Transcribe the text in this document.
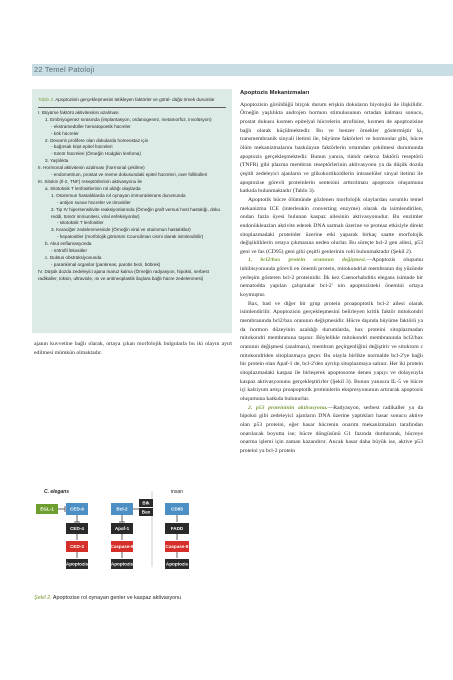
22 Temel Patoloji
Tablo 3. Apoptozisin gerçekleşmesini tetikleyen faktörler ve görül- düğü örnek durumlar
I. Büyüme faktörü aktivitesinin azalması
1. Embriyogenez sırasında (implantasyon, ordanogenez, metamorfoz, involüsyon)
- ekstramedüller hematopoetik hücreler
- kök hücreler
2. Devamlı prolifere olan dokularda homeostaz için
- bağırsak kript epitel hücreleri
- tümör hücreleri (Örneğin Hodgkin lenfoma)
3. Yaşlılıkta
II. Hormonal aktivitenin azalması (hormonal çekilme)
- endometrium, prostat ve meme dokusundaki epitel hücreleri, over follikülleri
III. Sitokin (Il-2, TNF) reseptörlerinin aktivasyonu ile
a. Sitotoksik T lenfositlerinin rol aldığı olaylarda
1. Otoimmun hastalıklarda rol oynayan immuntolerans durumunda
- antijen sunan hücreler ve timositler
2. Tip IV hipersensitivite reaksiyonlarında (Örneğin graft versus host hastalığı, doku reddi, tümör immunitesi, viral enfeksiyonlar)
- sitotoksik T lenfositler
3. Karaciğer zedelenmesinde (Örneğin viral ve otoimmun hastalıklar)
- hepatositler (morfolojik görünüm Councilman cismi olarak isimlendirilir)
b. Akut enflamasyonda
- nötrofil lökositler
c. Duktus obstrüksiyonunda
- parankimal organlar (pankreas, parotis bezi, böbrek)
IV. Düşük dozda zedeleyici ajana maruz kalma (Örneğin radyasyon, hipoksi, serbest radikaller, toksin, ultraviole, ısı ve antineoplastik ilaçlara bağlı hücre zedelenmesi)
ajanın kuvvetine bağlı olarak, ortaya çıkan morfolojik bulgularla bu iki olayın ayırt edilmesi mümkün olmaktadır.
C. elegans	insan
EGL-1	CED-9
CED-4
CED-3
Apoptozis
Bik
Bax
Bcl-2
Apaf-1
Caspase-9
Apoptozis
CD95
FADD
Caspase-8
Apoptozis
Şekil 2. Apoptozise rol oynayan genler ve kaspaz aktivasyonu
Apoptozis Mekanizmaları

Apoptozisin görüldüğü birçok durum erişkin dokuların biyolojisi ile ilişkilidir. Örneğin yaşlılıkta androjen hormon stimulusunun ortadan kalması sonucu, prostat dokusu kısmen epitelyal hücrelerin atrofisine, kısmen de apoptozisine bağlı olarak küçülmektedir. Bu ve benzer örnekler göstermiştir ki, transmembranik sinyali iletimi ile, büyüme faktörleri ve hormonlar gibi, hücre ölüm mekanizmalarını baskılayan faktörlerin ortamdan çekilmesi durumunda apoptozis gerçekleşmektedir. Bunun yanıra, tümör nekroz faktörü reseptörü (TNFR) gibi plazma membran reseptörlerinin aktivasyonu ya da düşük dozda çeşitli zedeleyici ajanların ve glikokortikoidlerin intraselüler sinyal iletimi ile apoptozise görevli proteinlerin sentezini arttırılması apoptozis oluşumuna katkıda bulunmaktadır (Tablo 3).

Apoptotik hücre ölümünde gözlenen morfolojik olaylardan sorumlu temel mekanizma ICE (interleukin converting enzyme) olarak da isimlendirilen, ondan fazla üyesi bulunan kaspaz ailesinin aktivasyonudur. Bu enzimler endonükleazları aktivite ederek DNA sarmalı üzerine ve proteaz etkisiyle direkt sitoplazmadaki proteinler üzerine etki yaparak birkaç saatte morfolojik değişikliklerin ortaya çıkmasına neden olurlar. Bu süreçte bcl-2 gen ailesi, p53 geni ve fas (CD95) geni gibi çeşitli genlerinin rolü bulunmaktadır (Şekil 2).

1. bcl2/bax protein oranının değişmesi.—Apoptozis oluşumu inhibisyonunda görevli en önemli protein, mitokondrial membranın dış yüzünde yerleşim gösteren bcl-2 proteinidir. İlk kez Caenorhabditis elegans isimnde bir nematodda yapılan çalışmalar bcl-2' nin apoptozisteki önemini ortaya koymuştur.

Bax, bad ve diğer bir grup protein proapoptotik bcl-2 ailesi olarak isimlendirilir. Apoptozisin gerçekleşmesini belirleyen kritik faktör mitokondri membranında bcl2/bax oranının değişmesidir. Hücre dışında büyüme faktörü ya da hormon düzeyinin azaldığı durumlarda, bax proteini sitoplazmadan mitokondri membranına taşınır. Böylelikle mitokondri membranında bcl2/bax oranının değişmesi (azalması), membran geçirgenliğini değiştirir ve sitokrom c mitokondriden sitoplazmaya geçer. Bu olayla birlikte normalde bcl-2'ye bağlı bir protein olan Apaf-1 de, bcl-2'den ayrılıp sitoplazmaya salınır. Her iki protein sitoplazmadaki kaspaz ile birleşerek apoptosome denen yapıyı ve dolayısıyla kaspaz aktivasyonunu gerçekleştirirler (Şekil 3). Bunun yanısıra IL-5 ve hücre içi kalsiyum artışı proapoptotik proteinlerin ekspresyonunun artırarak apoptozis oluşumuna katkıda bulunurlar.

2. p53 proteininin aktivasyonu.—Radyasyon, serbest radikaller ya da hipoksi gibi zedeleyici ajanların DNA üzerine yaptıkları hasar sonucu aktive olan p53 proteini, eğer hasar hücrenin onarım mekanizmaları tarafından onarılacak boyutta ise; hücre döngüsünü G1 fazında durdurarak, hücreye onarma işlemi için zaman kazandırır. Ancak hasar daha büyük ise, aktive p53 proteini ya bcl-2 protein
